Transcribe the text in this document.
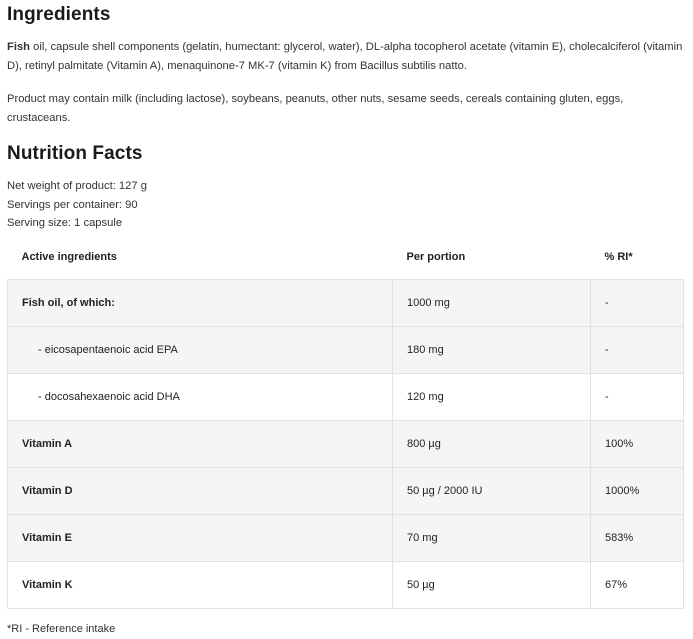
Ingredients
Fish oil, capsule shell components (gelatin, humectant: glycerol, water), DL-alpha tocopherol acetate (vitamin E), cholecalciferol (vitamin D), retinyl palmitate (Vitamin A), menaquinone-7 MK-7 (vitamin K) from Bacillus subtilis natto.
Product may contain milk (including lactose), soybeans, peanuts, other nuts, sesame seeds, cereals containing gluten, eggs, crustaceans.
Nutrition Facts
Net weight of product: 127 g
Servings per container: 90
Serving size: 1 capsule
Active ingredients	Per portion	% RI*
Fish oil, of which:	1000 mg	-
- eicosapentaenoic acid EPA	180 mg	-
- docosahexaenoic acid DHA	120 mg	-
Vitamin A	800 µg	100%
Vitamin D	50 µg / 2000 IU	1000%
Vitamin E	70 mg	583%
Vitamin K	50 µg	67%
*RI - Reference intake
